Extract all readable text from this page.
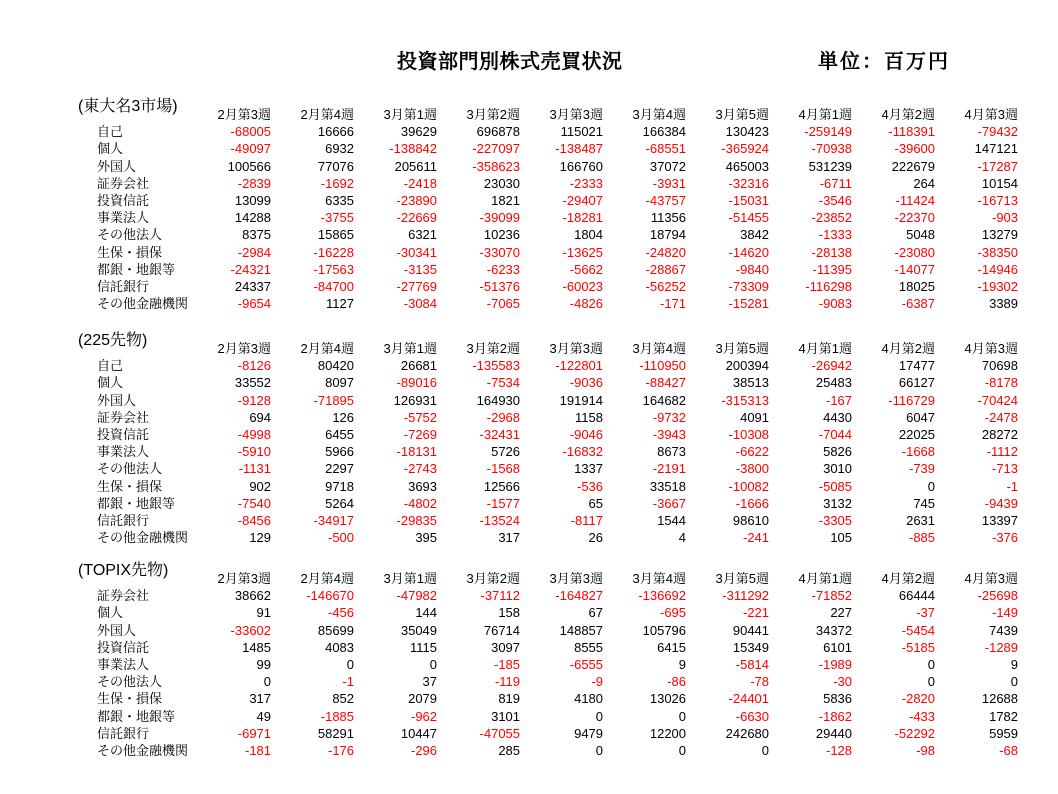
投資部門別株式売買状況	単位：百万円
(東大名3市場)
		2月第3週	2月第4週	3月第1週	3月第2週	3月第3週	3月第4週	3月第5週	4月第1週	4月第2週	4月第3週
自己	-68005	16666	39629	696878	115021	166384	130423	-259149	-118391	-79432
個人	-49097	6932	-138842	-227097	-138487	-68551	-365924	-70938	-39600	147121
外国人	100566	77076	205611	-358623	166760	37072	465003	531239	222679	-17287
証券会社	-2839	-1692	-2418	23030	-2333	-3931	-32316	-6711	264	10154
投資信託	13099	6335	-23890	1821	-29407	-43757	-15031	-3546	-11424	-16713
事業法人	14288	-3755	-22669	-39099	-18281	11356	-51455	-23852	-22370	-903
その他法人	8375	15865	6321	10236	1804	18794	3842	-1333	5048	13279
生保・損保	-2984	-16228	-30341	-33070	-13625	-24820	-14620	-28138	-23080	-38350
都銀・地銀等	-24321	-17563	-3135	-6233	-5662	-28867	-9840	-11395	-14077	-14946
信託銀行	24337	-84700	-27769	-51376	-60023	-56252	-73309	-116298	18025	-19302
その他金融機関	-9654	1127	-3084	-7065	-4826	-171	-15281	-9083	-6387	3389
(225先物)
		2月第3週	2月第4週	3月第1週	3月第2週	3月第3週	3月第4週	3月第5週	4月第1週	4月第2週	4月第3週
自己	-8126	80420	26681	-135583	-122801	-110950	200394	-26942	17477	70698
個人	33552	8097	-89016	-7534	-9036	-88427	38513	25483	66127	-8178
外国人	-9128	-71895	126931	164930	191914	164682	-315313	-167	-116729	-70424
証券会社	694	126	-5752	-2968	1158	-9732	4091	4430	6047	-2478
投資信託	-4998	6455	-7269	-32431	-9046	-3943	-10308	-7044	22025	28272
事業法人	-5910	5966	-18131	5726	-16832	8673	-6622	5826	-1668	-1112
その他法人	-1131	2297	-2743	-1568	1337	-2191	-3800	3010	-739	-713
生保・損保	902	9718	3693	12566	-536	33518	-10082	-5085	0	-1
都銀・地銀等	-7540	5264	-4802	-1577	65	-3667	-1666	3132	745	-9439
信託銀行	-8456	-34917	-29835	-13524	-8117	1544	98610	-3305	2631	13397
その他金融機関	129	-500	395	317	26	4	-241	105	-885	-376
(TOPIX先物)
		2月第3週	2月第4週	3月第1週	3月第2週	3月第3週	3月第4週	3月第5週	4月第1週	4月第2週	4月第3週
証券会社	38662	-146670	-47982	-37112	-164827	-136692	-311292	-71852	66444	-25698
個人	91	-456	144	158	67	-695	-221	227	-37	-149
外国人	-33602	85699	35049	76714	148857	105796	90441	34372	-5454	7439
投資信託	1485	4083	1115	3097	8555	6415	15349	6101	-5185	-1289
事業法人	99	0	0	-185	-6555	9	-5814	-1989	0	9
その他法人	0	-1	37	-119	-9	-86	-78	-30	0	0
生保・損保	317	852	2079	819	4180	13026	-24401	5836	-2820	12688
都銀・地銀等	49	-1885	-962	3101	0	0	-6630	-1862	-433	1782
信託銀行	-6971	58291	10447	-47055	9479	12200	242680	29440	-52292	5959
その他金融機関	-181	-176	-296	285	0	0	0	-128	-98	-68
